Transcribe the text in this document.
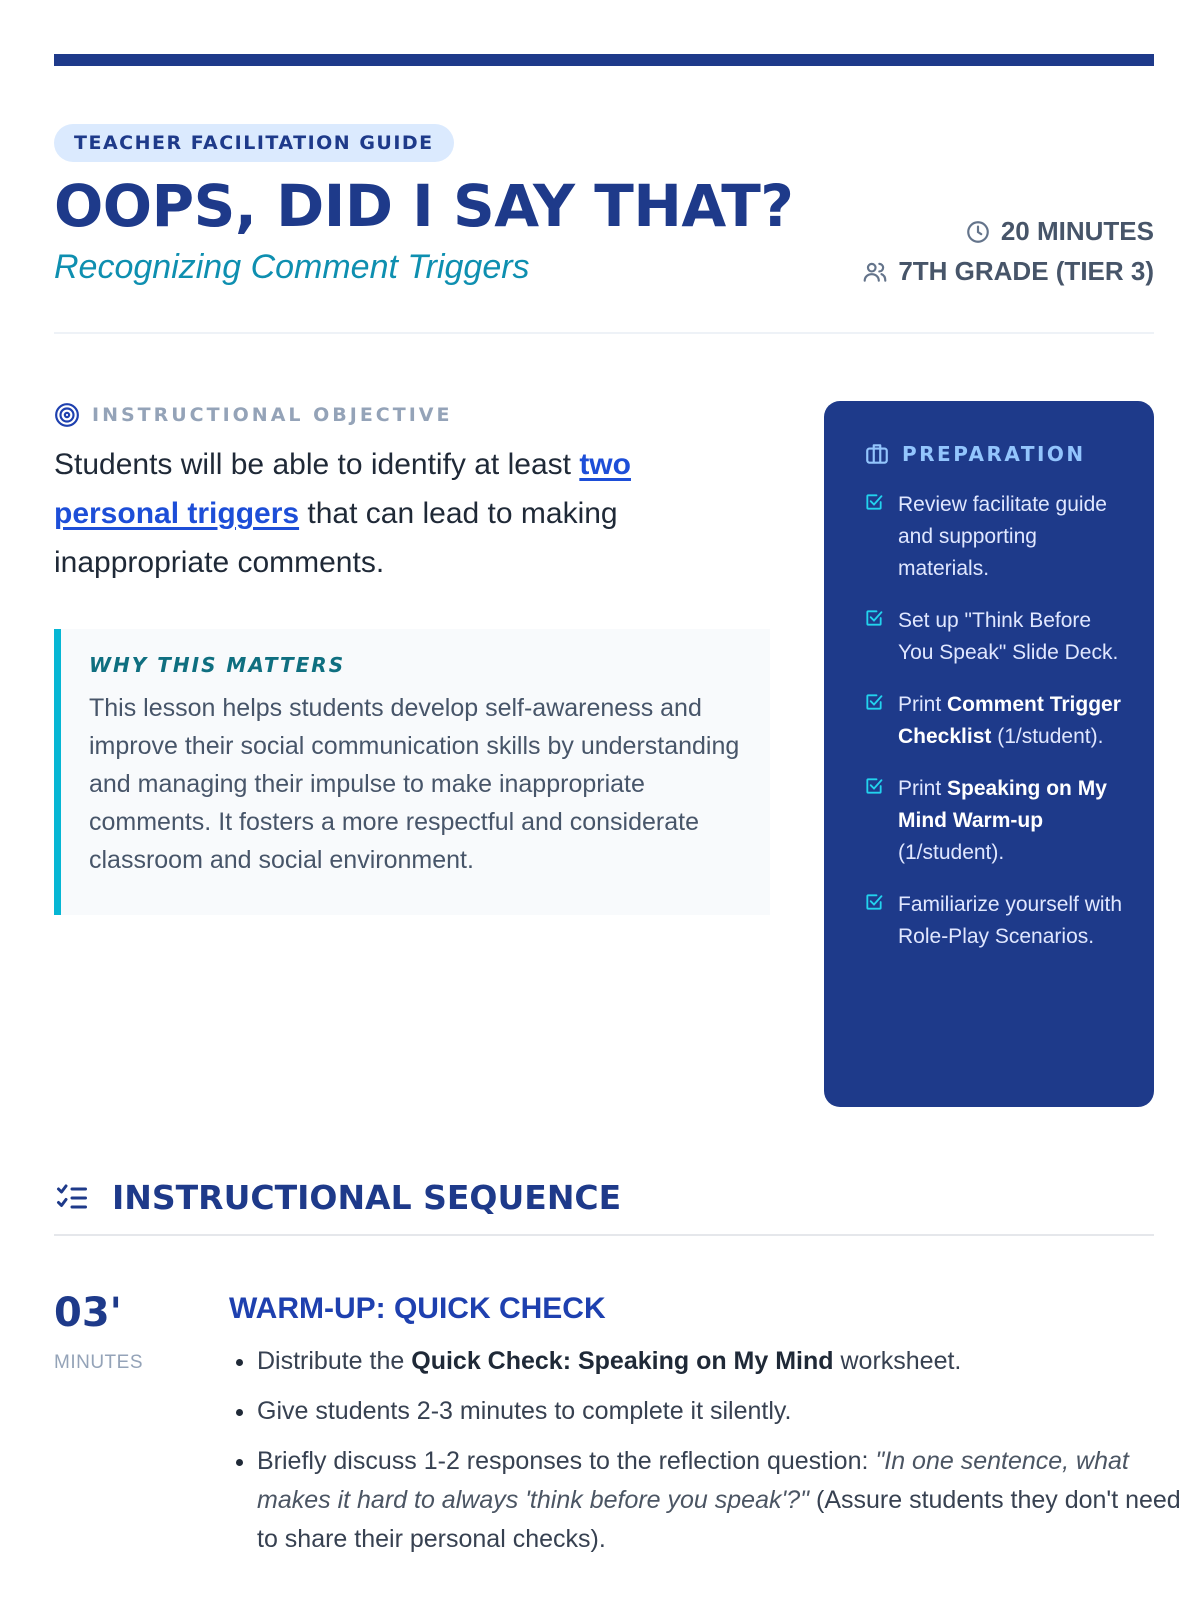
TEACHER FACILITATION GUIDE
OOPS, DID I SAY THAT?
Recognizing Comment Triggers
20 MINUTES
7TH GRADE (TIER 3)
INSTRUCTIONAL OBJECTIVE

Students will be able to identify at least two personal triggers that can lead to making inappropriate comments.

WHY THIS MATTERS

This lesson helps students develop self-awareness and improve their social communication skills by understanding and managing their impulse to make inappropriate comments. It fosters a more respectful and considerate classroom and social environment.

PREPARATION
Review facilitate guide and supporting materials.
Set up "Think Before You Speak" Slide Deck.
Print Comment Trigger Checklist (1/student).
Print Speaking on My Mind Warm-up (1/student).
Familiarize yourself with Role-Play Scenarios.
INSTRUCTIONAL SEQUENCE
03'
MINUTES
WARM-UP: QUICK CHECK
• Distribute the Quick Check: Speaking on My Mind worksheet.
• Give students 2-3 minutes to complete it silently.
• Briefly discuss 1-2 responses to the reflection question: "In one sentence, what makes it hard to always 'think before you speak'?" (Assure students they don't need to share their personal checks).
